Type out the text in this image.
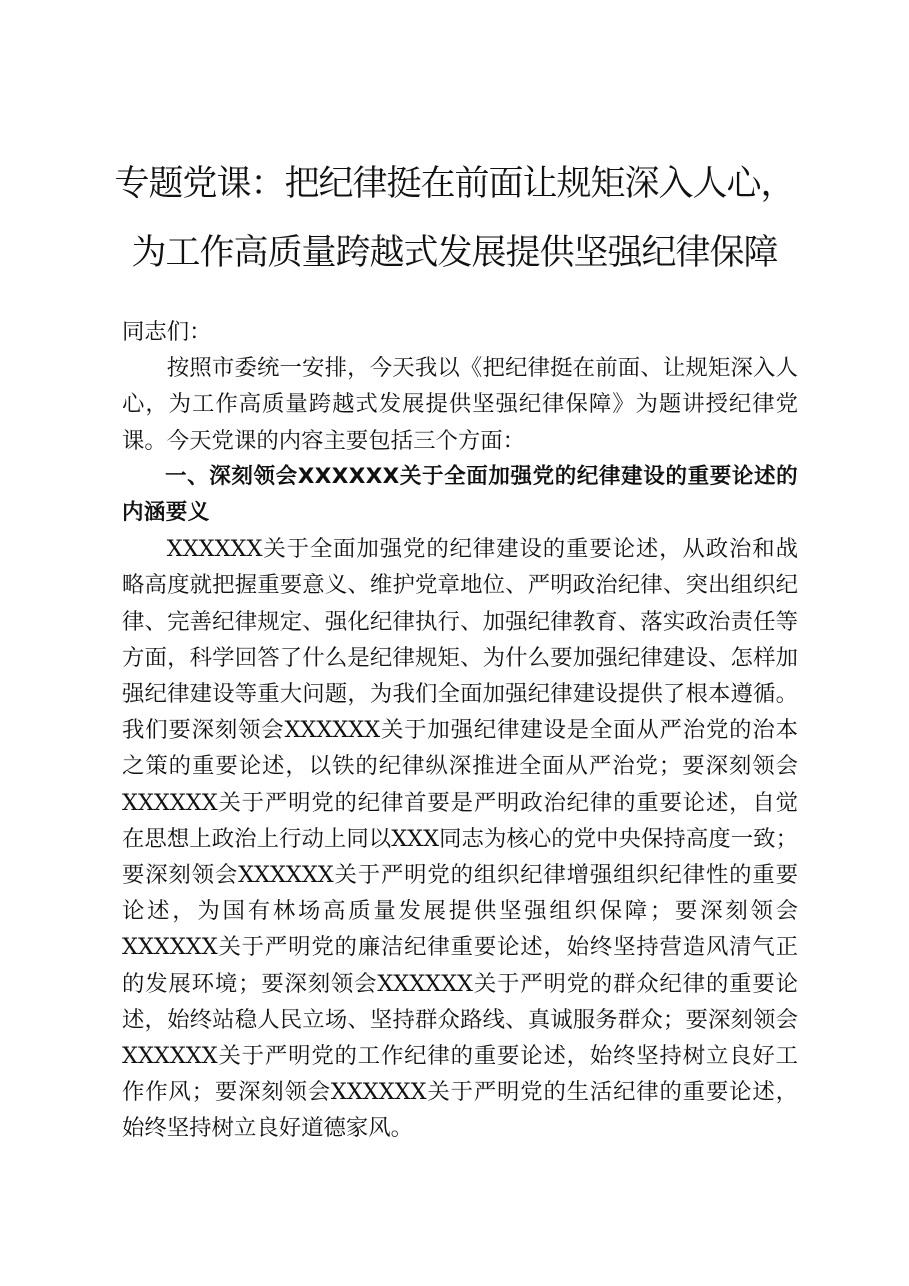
专题党课：把纪律挺在前面让规矩深入人心，
为工作高质量跨越式发展提供坚强纪律保障

同志们：

按照市委统一安排，今天我以《把纪律挺在前面、让规矩深入人心，为工作高质量跨越式发展提供坚强纪律保障》为题讲授纪律党课。今天党课的内容主要包括三个方面：

一、深刻领会XXXXXX关于全面加强党的纪律建设的重要论述的内涵要义

XXXXXX关于全面加强党的纪律建设的重要论述，从政治和战略高度就把握重要意义、维护党章地位、严明政治纪律、突出组织纪律、完善纪律规定、强化纪律执行、加强纪律教育、落实政治责任等方面，科学回答了什么是纪律规矩、为什么要加强纪律建设、怎样加强纪律建设等重大问题，为我们全面加强纪律建设提供了根本遵循。我们要深刻领会XXXXXX关于加强纪律建设是全面从严治党的治本之策的重要论述，以铁的纪律纵深推进全面从严治党；要深刻领会XXXXXX关于严明党的纪律首要是严明政治纪律的重要论述，自觉在思想上政治上行动上同以XXX同志为核心的党中央保持高度一致；要深刻领会XXXXXX关于严明党的组织纪律增强组织纪律性的重要论述，为国有林场高质量发展提供坚强组织保障；要深刻领会XXXXXX关于严明党的廉洁纪律重要论述，始终坚持营造风清气正的发展环境；要深刻领会XXXXXX关于严明党的群众纪律的重要论述，始终站稳人民立场、坚持群众路线、真诚服务群众；要深刻领会XXXXXX关于严明党的工作纪律的重要论述，始终坚持树立良好工作作风；要深刻领会XXXXXX关于严明党的生活纪律的重要论述，始终坚持树立良好道德家风。
